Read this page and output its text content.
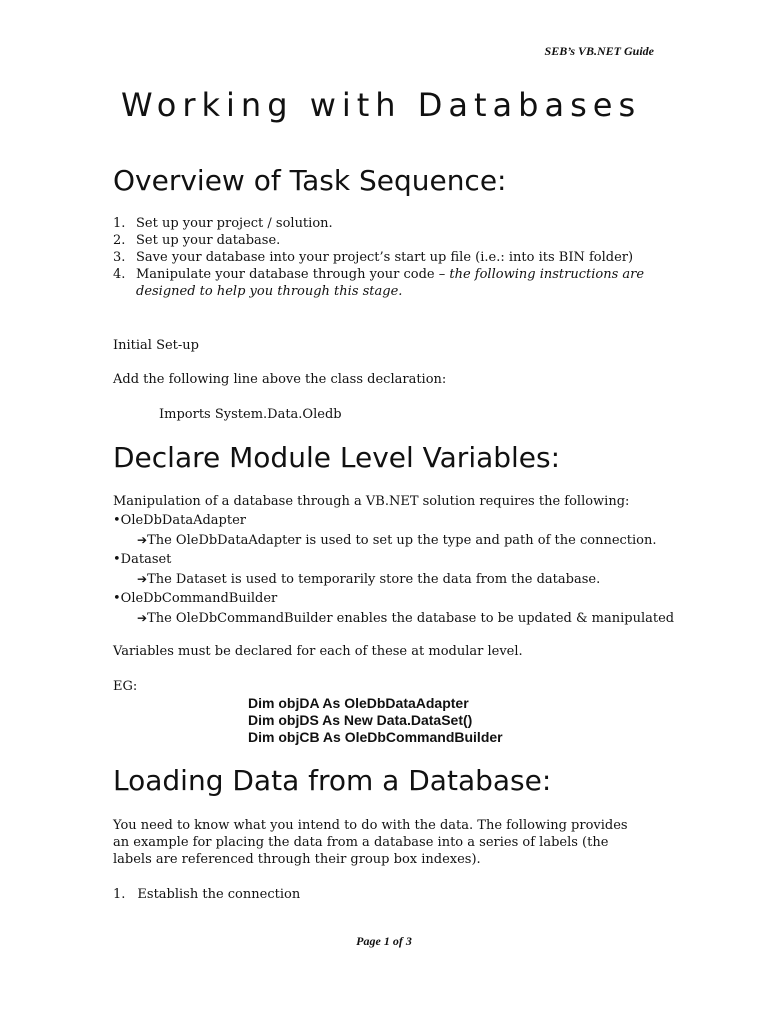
SEB’s VB.NET Guide
Working with Databases
Overview of Task Sequence:
1. Set up your project / solution.
2. Set up your database.
3. Save your database into your project’s start up file (i.e.: into its BIN folder)
4. Manipulate your database through your code – the following instructions are
designed to help you through this stage.
Initial Set-up
Add the following line above the class declaration:
Imports System.Data.Oledb
Declare Module Level Variables:
Manipulation of a database through a VB.NET solution requires the following:
•OleDbDataAdapter
➔The OleDbDataAdapter is used to set up the type and path of the connection.
•Dataset
➔The Dataset is used to temporarily store the data from the database.
•OleDbCommandBuilder
➔The OleDbCommandBuilder enables the database to be updated & manipulated
Variables must be declared for each of these at modular level.
EG:
Dim objDA As OleDbDataAdapter
Dim objDS As New Data.DataSet()
Dim objCB As OleDbCommandBuilder
Loading Data from a Database:
You need to know what you intend to do with the data. The following provides an example for placing the data from a database into a series of labels (the labels are referenced through their group box indexes).
1. Establish the connection
Page 1 of 3
